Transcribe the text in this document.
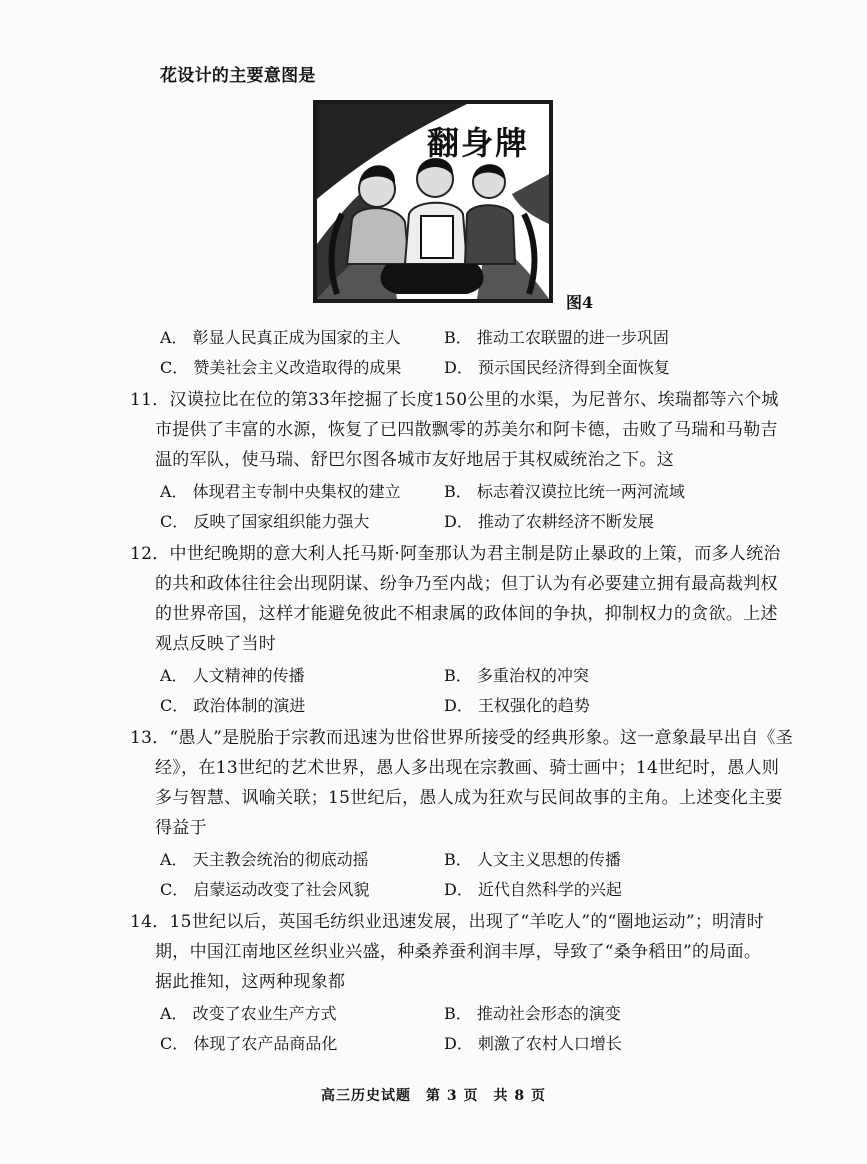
花设计的主要意图是
翻身牌
图4
A． 彰显人民真正成为国家的主人	B． 推动工农联盟的进一步巩固
C． 赞美社会主义改造取得的成果	D． 预示国民经济得到全面恢复
11．汉谟拉比在位的第33年挖掘了长度150公里的水渠，为尼普尔、埃瑞都等六个城
市提供了丰富的水源，恢复了已四散飘零的苏美尔和阿卡德，击败了马瑞和马勒吉
温的军队，使马瑞、舒巴尔图各城市友好地居于其权威统治之下。这
A． 体现君主专制中央集权的建立	B． 标志着汉谟拉比统一两河流域
C． 反映了国家组织能力强大	D． 推动了农耕经济不断发展
12．中世纪晚期的意大利人托马斯·阿奎那认为君主制是防止暴政的上策，而多人统治
的共和政体往往会出现阴谋、纷争乃至内战；但丁认为有必要建立拥有最高裁判权
的世界帝国，这样才能避免彼此不相隶属的政体间的争执，抑制权力的贪欲。上述
观点反映了当时
A． 人文精神的传播	B． 多重治权的冲突
C． 政治体制的演进	D． 王权强化的趋势
13．“愚人”是脱胎于宗教而迅速为世俗世界所接受的经典形象。这一意象最早出自《圣
经》，在13世纪的艺术世界，愚人多出现在宗教画、骑士画中；14世纪时，愚人则
多与智慧、讽喻关联；15世纪后，愚人成为狂欢与民间故事的主角。上述变化主要
得益于
A． 天主教会统治的彻底动摇	B． 人文主义思想的传播
C． 启蒙运动改变了社会风貌	D． 近代自然科学的兴起
14．15世纪以后，英国毛纺织业迅速发展，出现了“羊吃人”的“圈地运动”；明清时
期，中国江南地区丝织业兴盛，种桑养蚕利润丰厚，导致了“桑争稻田”的局面。
据此推知，这两种现象都
A． 改变了农业生产方式	B． 推动社会形态的演变
C． 体现了农产品商品化	D． 刺激了农村人口增长
高三历史试题　第 3 页　共 8 页
